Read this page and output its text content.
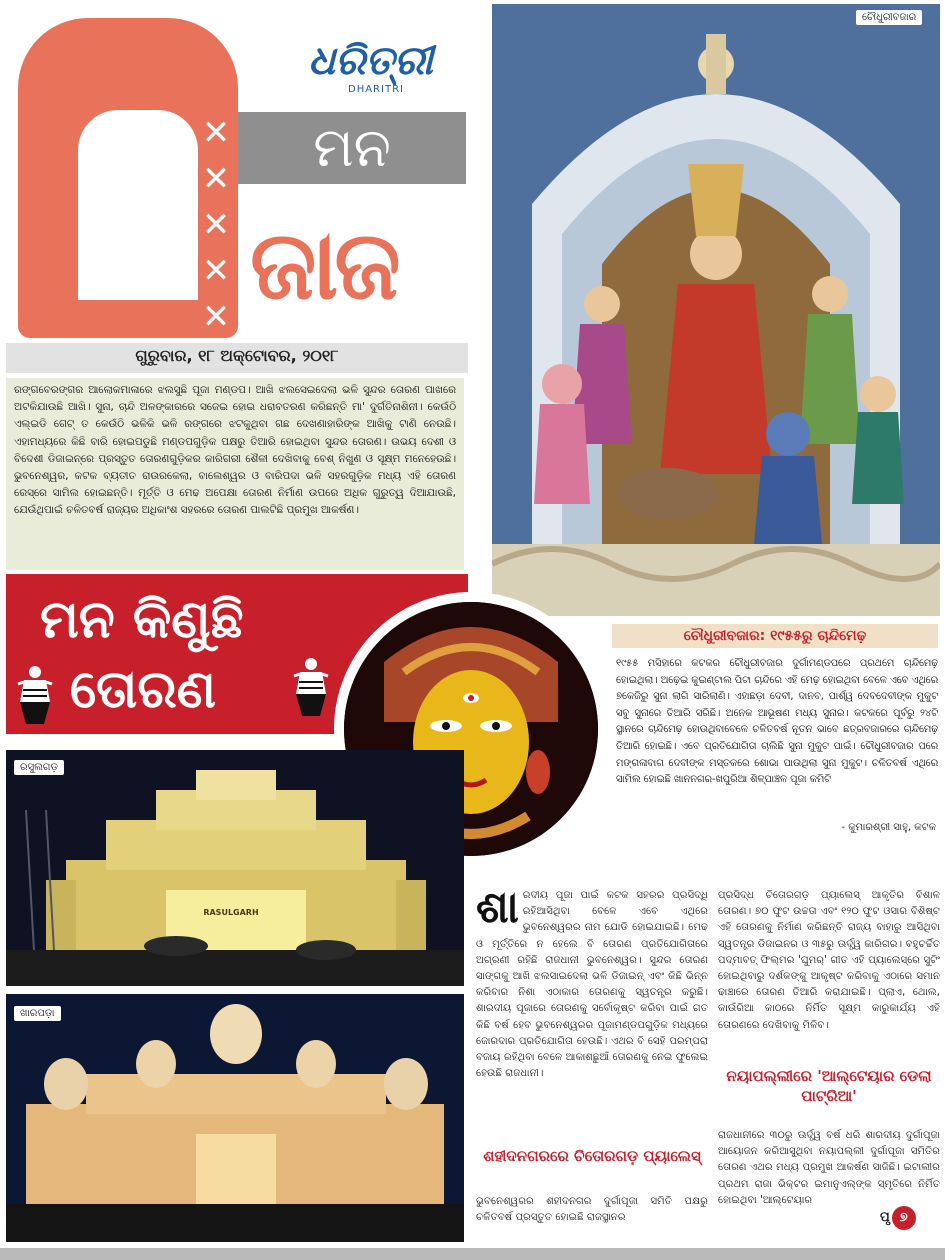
✕
✕
✕
✕
✕
ମନ
ଜାଜ
ଧରିତ୍ରୀ
DHARITRI
ଗୁରୁବାର, ୧୮ ଅକ୍ଟୋବର, ୨୦୧୮
ରଙ୍ଗବେରଙ୍ଗର ଆଲୋକମାଳାରେ ଝଲସୁଛି ପୂଜା ମଣ୍ଡପ। ଆଖି ଝଲସେଇଦେଲା ଭଳି ସୁନ୍ଦର ତୋରଣ ପାଖରେ ଅଟକିଯାଉଛି ଆଖି। ସୁନା, ଚାନ୍ଦି ଅଳଙ୍କାରରେ ସଜେଇ ହୋଇ ଧରାବତରଣ କରିଛନ୍ତି ମା' ଦୁର୍ଗତିନାଶିନୀ। କେଉଁଠି ଏଲ୍ଇଡି ଗେଟ୍ ତ କେଉଁଠି ଭଳିକି ଭଳି ରଙ୍ଗରେ ଝଟକୁଥିବା ଗଛ ଦେଖଣାହାରିଙ୍କ ଆଖିକୁ ଟାଣି ନେଉଛି। ଏହାମଧ୍ୟରେ କିଛି ବାରି ହୋଇପଡୁଛି ମଣ୍ଡପଗୁଡ଼ିକ ପକ୍ଷରୁ ତିଆରି ହୋଇଥିବା ସୁନ୍ଦର ତୋରଣ। ଉଭୟ ଦେଶୀ ଓ ବିଦେଶୀ ଡିଜାଇନ୍ରେ ପ୍ରସ୍ତୁତ ତୋରଣଗୁଡ଼ିକର କାରିଗରୀ ଶୈଳୀ ଦେଖିବାକୁ ବେଶ୍ ନିଖୁଣ ଓ ସୂକ୍ଷ୍ମ ମନେହେଉଛି। ଭୁବନେଶ୍ୱର, କଟକ ବ୍ୟତୀତ ରାଉରକେଲା, ବାଲେଶ୍ୱର ଓ ବାରିପଦା ଭଳି ସହରଗୁଡ଼ିକ ମଧ୍ୟ ଏହି ତୋରଣ ରେସ୍‌ରେ ସାମିଲ ହୋଇଛନ୍ତି। ମୂର୍ତ୍ତି ଓ ମେଢ ଅପେକ୍ଷା ତୋରଣ ନିର୍ମାଣ ଉପରେ ଅଧିକ ଗୁରୁତ୍ୱ ଦିଆଯାଉଛି, ଯେଉଁଥିପାଇଁ ଚଳିତବର୍ଷ ରାଜ୍ୟର ଅଧିକାଂଶ ସହରରେ ତୋରଣ ପାଲଟିଛି ପ୍ରମୁଖ ଆକର୍ଷଣ।
ମନ କିଣୁଛି
ତୋରଣ
ଚୌଧୁରୀବଜାର
ଚୌଧୁରୀବଜାର: ୧୯୫୫ରୁ ଚାନ୍ଦିମେଢ଼
୧୯୫୫ ମସିହାରେ କଟକର ଚୌଧୁରୀବଜାର ଦୁର୍ଗାମଣ୍ଡପରେ ପ୍ରଥମେ ଚାନ୍ଦିମେଢ଼ ହୋଇଥିଲା। ଅଢ଼େଇ କୁଇଣ୍ଟାଲ ପିଟା ଚାନ୍ଦିରେ ଏହି ମେଢ଼ ହୋଇଥିବା ବେଳେ ଏବେ ଏଥିରେ ୭କେଜିରୁ ସୁନା ଲାଗି ସାରିଲାଣି। ଏହାଛଡ଼ା ଦେବୀ, ଦାନବ, ପାର୍ଶ୍ୱ ଦେବଦେବୀଙ୍କ ମୁକୁଟ ସବୁ ସୁନାରେ ତିଆରି ସରିଛି। ଅନେକ ଆଭୂଷଣ ମଧ୍ୟ ସୁନାର। କଟକରେ ପୂର୍ବରୁ ୨୪ଟି ସ୍ଥାନରେ ଚାନ୍ଦିମେଢ଼ ହୋଉଥିବାବେଳେ ଚଳିତବର୍ଷ ନୂତନ ଭାବେ ଛତ୍ରବଜାରରେ ଚାନ୍ଦିମେଢ଼ ତିଆରି ହୋଇଛି। ଏବେ ପ୍ରତିଯୋଗିତା ଚାଲିଛି ସୁନା ମୁକୁଟ ପାଇଁ। ଚୌଧୁରୀବଜାର ପରେ ମଙ୍ଗଳାବାଗ ଦେବୀଙ୍କ ମସ୍ତକରେ ଶୋଭା ପାଉଥିଲା ସୁନା ମୁକୁଟ। ଚଳିତବର୍ଷ ଏଥିରେ ସାମିଲ ହୋଇଛି ଖାନନଗର-ଖପୁରିଆ ଶିଳ୍ପାଞ୍ଚଳ ପୂଜା କମିଟି
- କୁମାରଶ୍ରୀ ସାହୁ, କଟକ
ରସୁଲଗଡ଼
RASULGARH
ଖାରପଡ଼ା
ଶା ରଦୀୟ ପୂଜା ପାଇଁ କଟକ ସହରର ପ୍ରସିଦ୍ଧି ରହିଆସିଥିବା ବେଳେ ଏବେ ଏଥିରେ ଭୁବନେଶ୍ୱରର ନାମ ଯୋଡି ହୋଇଯାଇଛି। ମେଢ ଓ ମୂର୍ତ୍ତିରେ ନ ହେଲେ ବି ତୋରଣ ପ୍ରତିଯୋଗିତାରେ ଅଗ୍ରଣୀ ରହିଛି ରାଜଧାନୀ ଭୁବନେଶ୍ୱର। ସୁନ୍ଦର ତୋରଣ ସାଙ୍ଗକୁ ଆଖି ଝଲସାଇଦେଲା ଭଳି ଡିଜାଇନ୍ ଏବଂ କିଛି ଭିନ୍ନ କରିବାର ନିଶା ଏଠାକାର ତୋରଣକୁ ସ୍ୱତନ୍ତ୍ର କରୁଛି। ଶାରଦୀୟ ପୂଜାରେ ତୋରଣକୁ ସର୍ବୋକୃଷ୍ଟ କରିବା ପାଇଁ ଗତ କିଛି ବର୍ଷ ହେବ ଭୁବନେଶ୍ୱରର ପୂଜାମଣ୍ଡପଗୁଡ଼ିକ ମଧ୍ୟରେ ଜୋରଦାର ପ୍ରତିଯୋଗିତା ହେଉଛି। ଏଥର ବି ସେହି ପରମ୍ପରା ବଜାୟ ରହିଥିବା ବେଳେ ଆକାଶଛୁଆଁ ତୋରଣକୁ ନେଇ ଫୁଲେଇ ହେଉଛି ରାଜଧାନୀ।
ଶହୀଦନଗରରେ ଚିତୋରଗଡ଼ ପ୍ୟାଲେସ୍
ଭୁବନେଶ୍ୱରର ଶହୀଦନଗର ଦୁର୍ଗାପୂଜା ସମିତି ପକ୍ଷରୁ ଚଳିତବର୍ଷ ପ୍ରସ୍ତୁତ ହୋଇଛି ରାଜସ୍ଥାନର
ପ୍ରସିଦ୍ଧ ଚିତୋରଗଡ଼ ପ୍ୟାଲେସ୍ ଆକୃତିର ବିଶାଳ ତୋରଣ। ୭୦ ଫୁଟ ଉଚ୍ଚତା ଏବଂ ୧୨୦ ଫୁଟ ଓସାର ବିଶିଷ୍ଟ ଏହି ତୋରଣକୁ ନିର୍ମାଣ କରିଛନ୍ତି ରାଜ୍ୟ ବାହାରୁ ଆସିଥିବା ସ୍ୱତନ୍ତ୍ର ଡିଜାଇନର ଓ ୩୫ରୁ ଊର୍ଦ୍ଧ୍ୱ କାରିଗର। ବହୁଚର୍ଚ୍ଚିତ ପଦ୍ମାବତ୍ ଫିଲ୍ମର 'ଘୁମର୍' ଗୀତ ଏହି ପ୍ୟାଲେସ୍‌ରେ ସୁଟିଂ ହୋଇଥିବାରୁ ଦର୍ଶକଙ୍କୁ ଆକୃଷ୍ଟ କରିବାକୁ ଏଠାରେ ସମାନ ଢାଞ୍ଚାରେ ତୋରଣ ତିଆରି କରାଯାଇଛି। ପ୍ଲାଏ, ଥୋଲ, କାଉଁରିଆ କାଠରେ ନିର୍ମିତ ସୂକ୍ଷ୍ମ କାରୁକାର୍ଯ୍ୟ ଏହି ତୋରଣରେ ଦେଖିବାକୁ ମିଳିବ।
ନୟାପଲ୍ଲୀରେ 'ଆଲ୍‌ଟେୟାର ଡେଲା ପାଟ୍ରିଆ'
ରାଜଧାନୀରେ ୩୦ରୁ ଊର୍ଦ୍ଧ୍ୱ ବର୍ଷ ଧରି ଶାରଦୀୟ ଦୁର୍ଗାପୂଜା ଆୟୋଜନ କରିଆସୁଥିବା ନୟାପଲ୍ଲୀ ଦୁର୍ଗାପୂଜା ସମିତିର ତୋରଣ ଏଥର ମଧ୍ୟ ପ୍ରମୁଖ ଆକର୍ଷଣ ସାଜିଛି। ଇଟାଲୀର ପ୍ରଥମ ରାଜା ଭିକ୍ଟର ଇମାନୁଏଲ୍‌ଙ୍କ ସ୍ମୃତିରେ ନିର୍ମିତ ହୋଇଥିବା 'ଆଲ୍‌ଟେୟାର
ପୃ ୭
